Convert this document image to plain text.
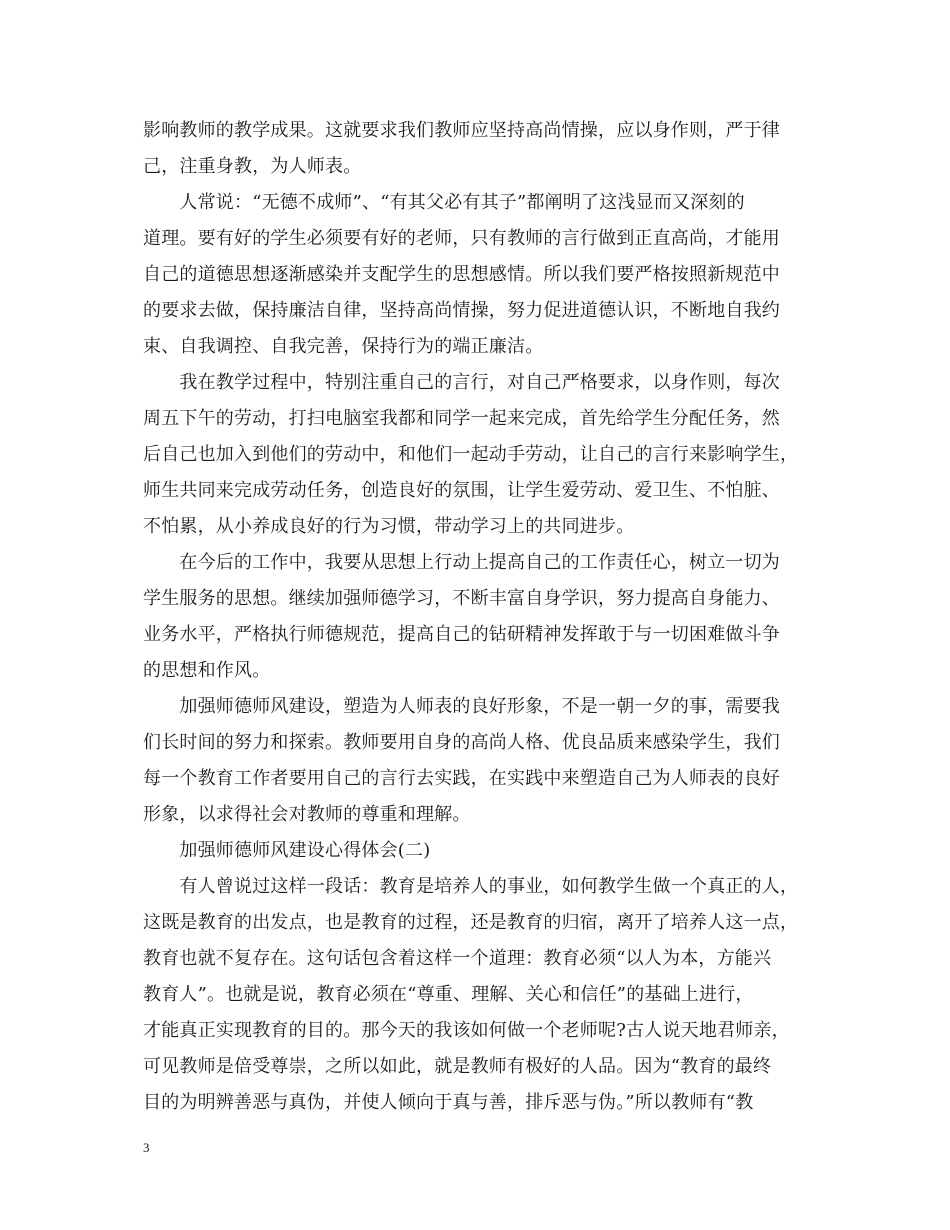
影响教师的教学成果。这就要求我们教师应坚持高尚情操，应以身作则，严于律
己，注重身教，为人师表。
　　人常说：“无德不成师”、“有其父必有其子”都阐明了这浅显而又深刻的
道理。要有好的学生必须要有好的老师，只有教师的言行做到正直高尚，才能用
自己的道德思想逐渐感染并支配学生的思想感情。所以我们要严格按照新规范中
的要求去做，保持廉洁自律，坚持高尚情操，努力促进道德认识，不断地自我约
束、自我调控、自我完善，保持行为的端正廉洁。
　　我在教学过程中，特别注重自己的言行，对自己严格要求，以身作则，每次
周五下午的劳动，打扫电脑室我都和同学一起来完成，首先给学生分配任务，然
后自己也加入到他们的劳动中，和他们一起动手劳动，让自己的言行来影响学生，
师生共同来完成劳动任务，创造良好的氛围，让学生爱劳动、爱卫生、不怕脏、
不怕累，从小养成良好的行为习惯，带动学习上的共同进步。
　　在今后的工作中，我要从思想上行动上提高自己的工作责任心，树立一切为
学生服务的思想。继续加强师德学习，不断丰富自身学识，努力提高自身能力、
业务水平，严格执行师德规范，提高自己的钻研精神发挥敢于与一切困难做斗争
的思想和作风。
　　加强师德师风建设，塑造为人师表的良好形象，不是一朝一夕的事，需要我
们长时间的努力和探索。教师要用自身的高尚人格、优良品质来感染学生，我们
每一个教育工作者要用自己的言行去实践，在实践中来塑造自己为人师表的良好
形象，以求得社会对教师的尊重和理解。
　　加强师德师风建设心得体会(二)
　　有人曾说过这样一段话：教育是培养人的事业，如何教学生做一个真正的人，
这既是教育的出发点，也是教育的过程，还是教育的归宿，离开了培养人这一点，
教育也就不复存在。这句话包含着这样一个道理：教育必须“以人为本，方能兴
教育人”。也就是说，教育必须在“尊重、理解、关心和信任”的基础上进行，
才能真正实现教育的目的。那今天的我该如何做一个老师呢?古人说天地君师亲，
可见教师是倍受尊崇，之所以如此，就是教师有极好的人品。因为“教育的最终
目的为明辨善恶与真伪，并使人倾向于真与善，排斥恶与伪。”所以教师有“教
3
